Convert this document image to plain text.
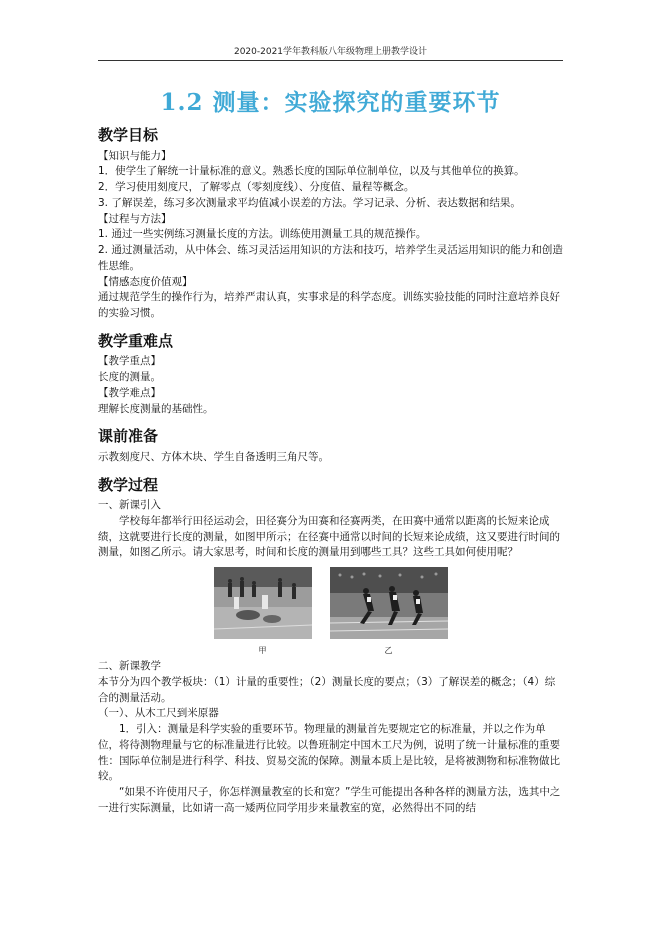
2020-2021学年教科版八年级物理上册教学设计
1.2 测量：实验探究的重要环节
教学目标

【知识与能力】

1．使学生了解统一计量标准的意义。熟悉长度的国际单位制单位，以及与其他单位的换算。

2．学习使用刻度尺，了解零点（零刻度线）、分度值、量程等概念。

3. 了解误差，练习多次测量求平均值减小误差的方法。学习记录、分析、表达数据和结果。

【过程与方法】

1. 通过一些实例练习测量长度的方法。训练使用测量工具的规范操作。

2. 通过测量活动，从中体会、练习灵活运用知识的方法和技巧，培养学生灵活运用知识的能力和创造性思维。

【情感态度价值观】

通过规范学生的操作行为，培养严肃认真，实事求是的科学态度。训练实验技能的同时注意培养良好的实验习惯。

教学重难点

【教学重点】

长度的测量。

【教学难点】

理解长度测量的基础性。

课前准备

示教刻度尺、方体木块、学生自备透明三角尺等。

教学过程

一、新课引入

学校每年都举行田径运动会，田径赛分为田赛和径赛两类，在田赛中通常以距离的长短来论成绩，这就要进行长度的测量，如图甲所示；在径赛中通常以时间的长短来论成绩，这又要进行时间的测量，如图乙所示。请大家思考，时间和长度的测量用到哪些工具？这些工具如何使用呢？

甲	乙

二、新课教学

本节分为四个教学板块：（1）计量的重要性；（2）测量长度的要点；（3）了解误差的概念；（4）综合的测量活动。

（一）、从木工尺到米原器

1．引入：测量是科学实验的重要环节。物理量的测量首先要规定它的标准量，并以之作为单位，将待测物理量与它的标准量进行比较。以鲁班制定中国木工尺为例，说明了统一计量标准的重要性：国际单位制是进行科学、科技、贸易交流的保障。测量本质上是比较，是将被测物和标准物做比较。

“如果不许使用尺子，你怎样测量教室的长和宽？”学生可能提出各种各样的测量方法，选其中之一进行实际测量，比如请一高一矮两位同学用步来量教室的宽，必然得出不同的结
